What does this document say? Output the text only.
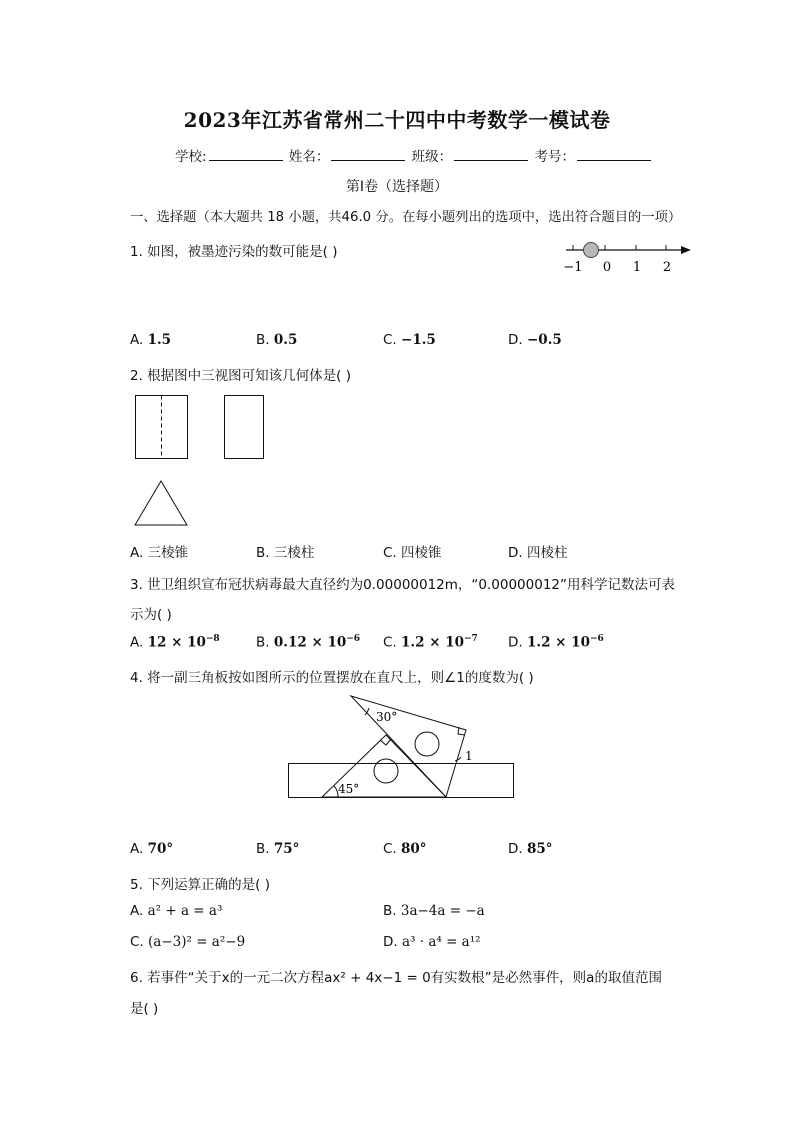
2023年江苏省常州二十四中中考数学一模试卷
学校:	姓名：	班级：	考号：
第Ⅰ卷（选择题）
一、选择题（本大题共 18 小题，共46.0 分。在每小题列出的选项中，选出符合题目的一项）
1. 如图，被墨迹污染的数可能是( )
−1 0 1 2
A. 1.5	B. 0.5	C. −1.5	D. −0.5
2. 根据图中三视图可知该几何体是( )
A. 三棱锥	B. 三棱柱	C. 四棱锥	D. 四棱柱
3. 世卫组织宣布冠状病毒最大直径约为0.00000012m，“0.00000012”用科学记数法可表
示为( )
A. $12 \times 10^{-8}$	B. $0.12 \times 10^{-6}$ C. $1.2 \times 10^{-7}$ D. $1.2 \times 10^{-6}$
4. 将一副三角板按如图所示的位置摆放在直尺上，则∠1的度数为( )
30°
45°
1
A. 70°	B. 75°	C. 80°	D. 85°
5. 下列运算正确的是( )
A. a² + a = a³	B. 3a−4a = −a
C. (a−3)² = a²−9	D. a³ · a⁴ = a¹²
6. 若事件“关于x的一元二次方程ax² + 4x−1 = 0有实数根”是必然事件，则a的取值范围
是( )
